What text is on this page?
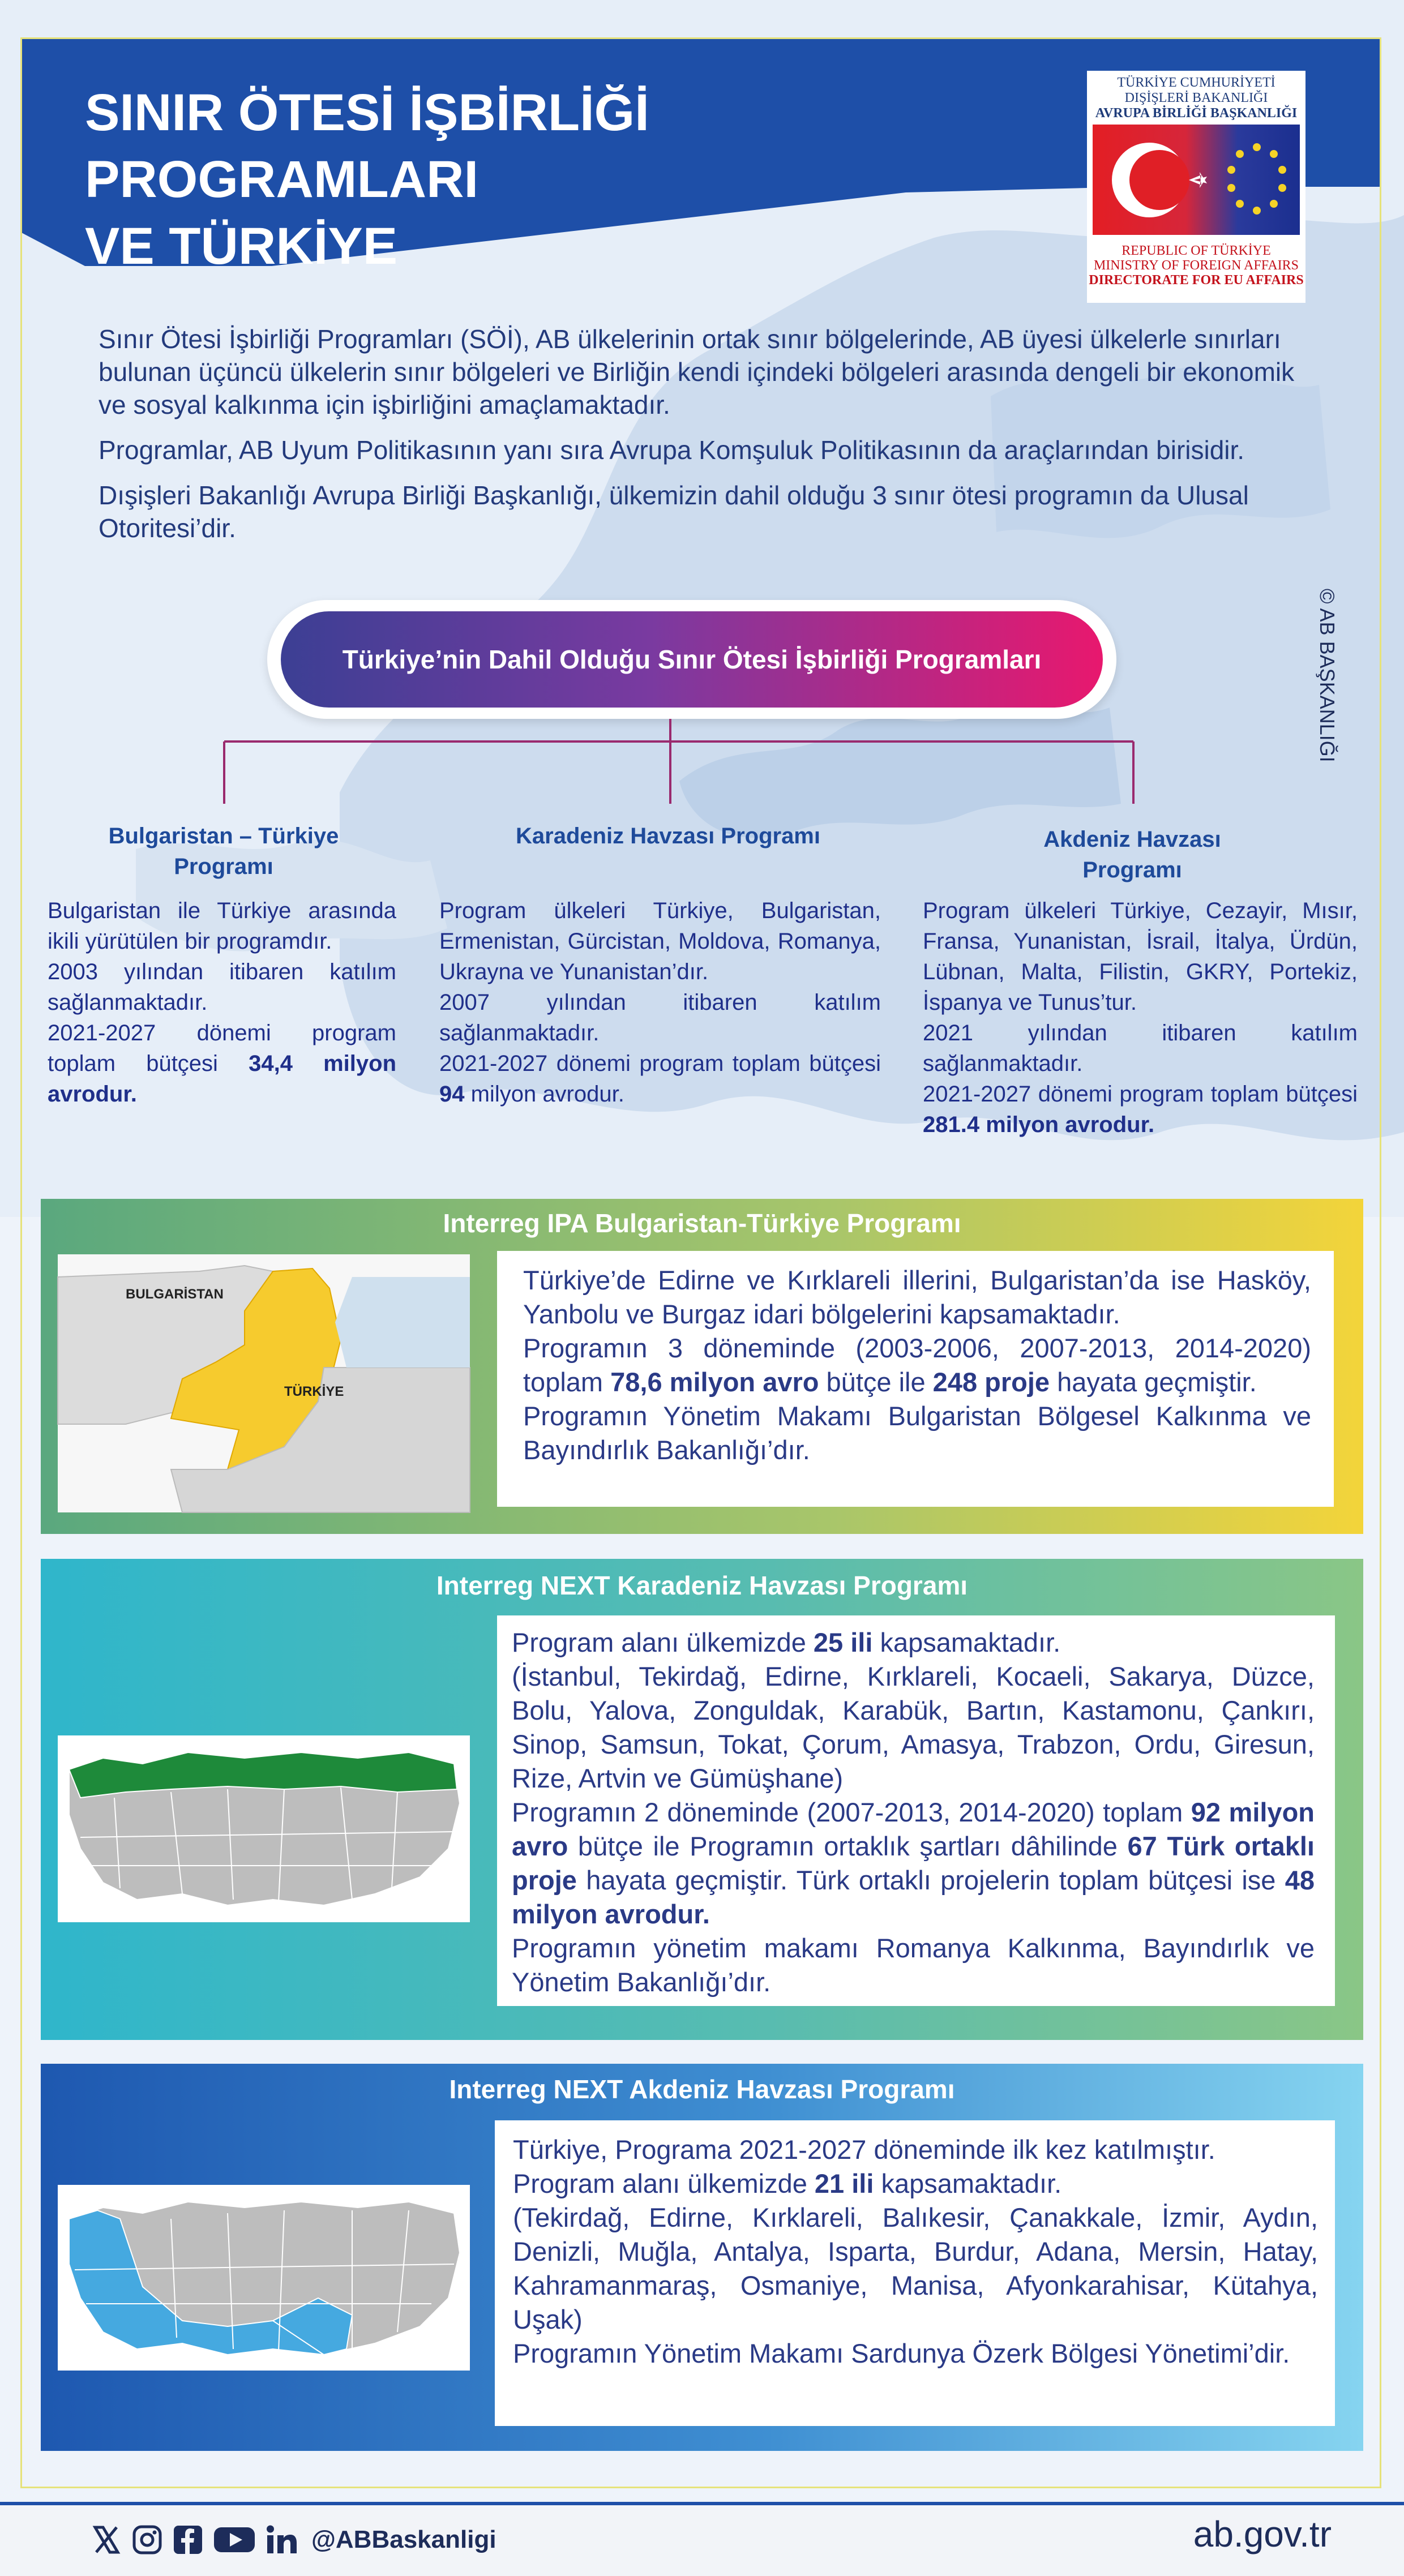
SINIR ÖTESİ İŞBİRLİĞİ PROGRAMLARI
VE TÜRKİYE
TÜRKİYE CUMHURİYETİ
DIŞİŞLERİ BAKANLIĞI
AVRUPA BİRLİĞİ BAŞKANLIĞI
REPUBLIC OF TÜRKİYE
MINISTRY OF FOREIGN AFFAIRS
DIRECTORATE FOR EU AFFAIRS

Sınır Ötesi İşbirliği Programları (SÖİ), AB ülkelerinin ortak sınır bölgelerinde, AB üyesi ülkelerle sınırları bulunan üçüncü ülkelerin sınır bölgeleri ve Birliğin kendi içindeki bölgeleri arasında dengeli bir ekonomik ve sosyal kalkınma için işbirliğini amaçlamaktadır.

Programlar, AB Uyum Politikasının yanı sıra Avrupa Komşuluk Politikasının da araçlarından birisidir.

Dışişleri Bakanlığı Avrupa Birliği Başkanlığı, ülkemizin dahil olduğu 3 sınır ötesi programın da Ulusal Otoritesi’dir.

© AB BAŞKANLIĞI
Türkiye’nin Dahil Olduğu Sınır Ötesi İşbirliği Programları
Bulgaristan – Türkiye Programı
Bulgaristan ile Türkiye arasında ikili yürütülen bir programdır.
2003 yılından itibaren katılım sağlanmaktadır.
2021-2027 dönemi program toplam bütçesi 34,4 milyon avrodur.
Karadeniz Havzası Programı
Program ülkeleri Türkiye, Bulgaristan, Ermenistan, Gürcistan, Moldova, Romanya, Ukrayna ve Yunanistan’dır.
2007 yılından itibaren katılım sağlanmaktadır.
2021-2027 dönemi program toplam bütçesi 94 milyon avrodur.
Akdeniz Havzası Programı
Program ülkeleri Türkiye, Cezayir, Mısır, Fransa, Yunanistan, İsrail, İtalya, Ürdün, Lübnan, Malta, Filistin, GKRY, Portekiz, İspanya ve Tunus’tur.
2021 yılından itibaren katılım sağlanmaktadır.
2021-2027 dönemi program toplam bütçesi 281.4 milyon avrodur.
Interreg IPA Bulgaristan-Türkiye Programı
BULGARİSTAN
TÜRKİYE
Türkiye’de Edirne ve Kırklareli illerini, Bulgaristan’da ise Hasköy, Yanbolu ve Burgaz idari bölgelerini kapsamaktadır.
Programın 3 döneminde (2003-2006, 2007-2013, 2014-2020) toplam 78,6 milyon avro bütçe ile 248 proje hayata geçmiştir.
Programın Yönetim Makamı Bulgaristan Bölgesel Kalkınma ve Bayındırlık Bakanlığı’dır.
Interreg NEXT Karadeniz Havzası Programı
Program alanı ülkemizde 25 ili kapsamaktadır.
(İstanbul, Tekirdağ, Edirne, Kırklareli, Kocaeli, Sakarya, Düzce, Bolu, Yalova, Zonguldak, Karabük, Bartın, Kastamonu, Çankırı, Sinop, Samsun, Tokat, Çorum, Amasya, Trabzon, Ordu, Giresun, Rize, Artvin ve Gümüşhane)
Programın 2 döneminde (2007-2013, 2014-2020) toplam 92 milyon avro bütçe ile Programın ortaklık şartları dâhilinde 67 Türk ortaklı proje hayata geçmiştir. Türk ortaklı projelerin toplam bütçesi ise 48 milyon avrodur.
Programın yönetim makamı Romanya Kalkınma, Bayındırlık ve Yönetim Bakanlığı’dır.
Interreg NEXT Akdeniz Havzası Programı
Türkiye, Programa 2021-2027 döneminde ilk kez katılmıştır.
Program alanı ülkemizde 21 ili kapsamaktadır.
(Tekirdağ, Edirne, Kırklareli, Balıkesir, Çanakkale, İzmir, Aydın, Denizli, Muğla, Antalya, Isparta, Burdur, Adana, Mersin, Hatay, Kahramanmaraş, Osmaniye, Manisa, Afyonkarahisar, Kütahya, Uşak)
Programın Yönetim Makamı Sardunya Özerk Bölgesi Yönetimi’dir.
@ABBaskanligi	ab.gov.tr
